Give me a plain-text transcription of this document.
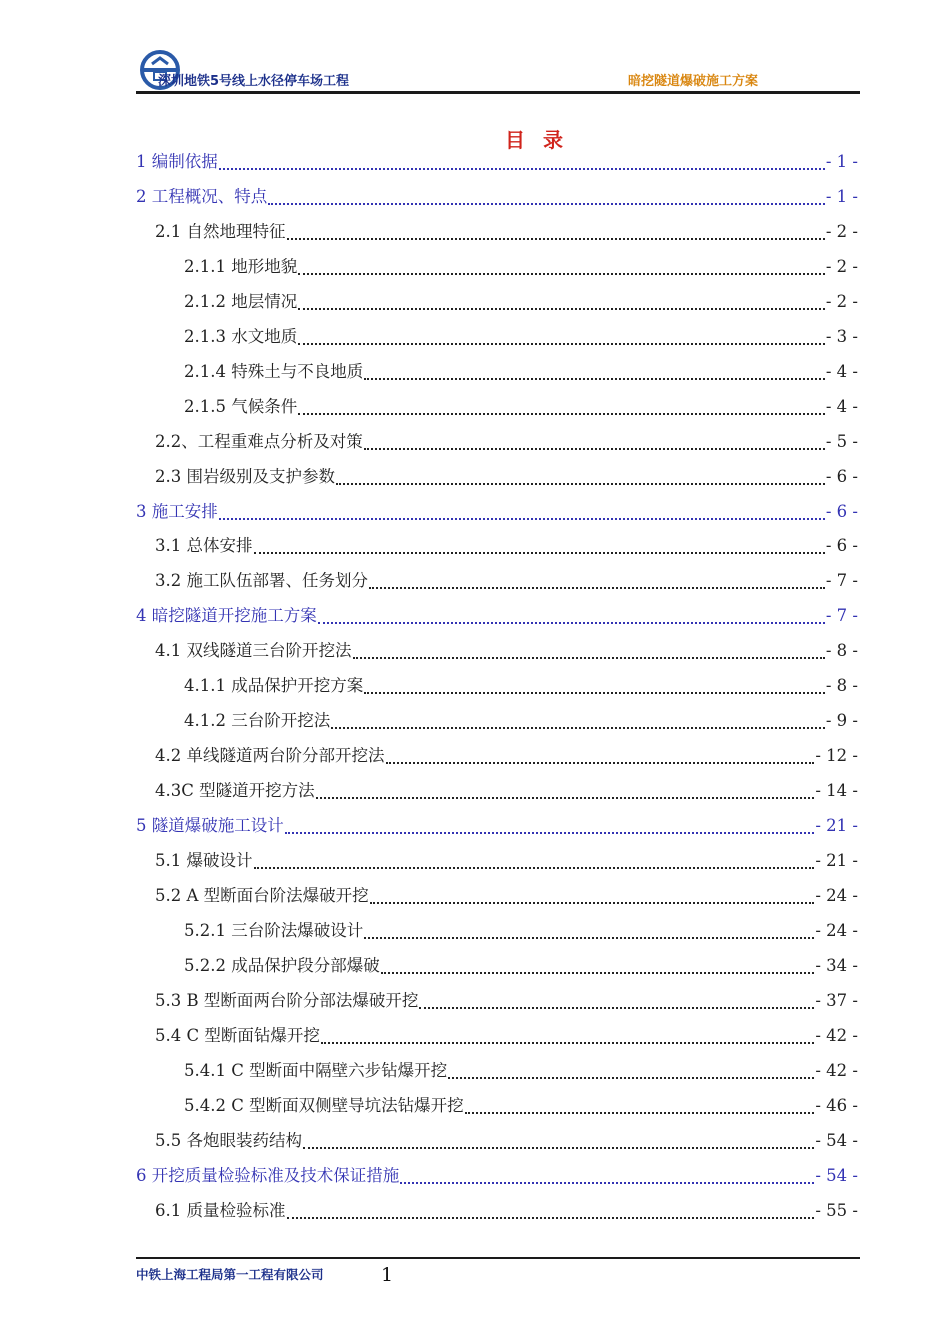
深圳地铁5号线上水径停车场工程	暗挖隧道爆破施工方案
目录
1 编制依据	- 1 -
2 工程概况、特点	- 1 -
2.1 自然地理特征	- 2 -
2.1.1 地形地貌	- 2 -
2.1.2 地层情况	- 2 -
2.1.3 水文地质	- 3 -
2.1.4 特殊土与不良地质	- 4 -
2.1.5 气候条件	- 4 -
2.2、工程重难点分析及对策	- 5 -
2.3 围岩级别及支护参数	- 6 -
3 施工安排	- 6 -
3.1 总体安排	- 6 -
3.2 施工队伍部署、任务划分	- 7 -
4 暗挖隧道开挖施工方案	- 7 -
4.1 双线隧道三台阶开挖法	- 8 -
4.1.1 成品保护开挖方案	- 8 -
4.1.2 三台阶开挖法	- 9 -
4.2 单线隧道两台阶分部开挖法	- 12 -
4.3C 型隧道开挖方法	- 14 -
5 隧道爆破施工设计	- 21 -
5.1 爆破设计	- 21 -
5.2 A 型断面台阶法爆破开挖	- 24 -
5.2.1 三台阶法爆破设计	- 24 -
5.2.2 成品保护段分部爆破	- 34 -
5.3 B 型断面两台阶分部法爆破开挖	- 37 -
5.4 C 型断面钻爆开挖	- 42 -
5.4.1 C 型断面中隔壁六步钻爆开挖	- 42 -
5.4.2 C 型断面双侧壁导坑法钻爆开挖	- 46 -
5.5 各炮眼装药结构	- 54 -
6 开挖质量检验标准及技术保证措施	- 54 -
6.1 质量检验标准	- 55 -
中铁上海工程局第一工程有限公司	1
